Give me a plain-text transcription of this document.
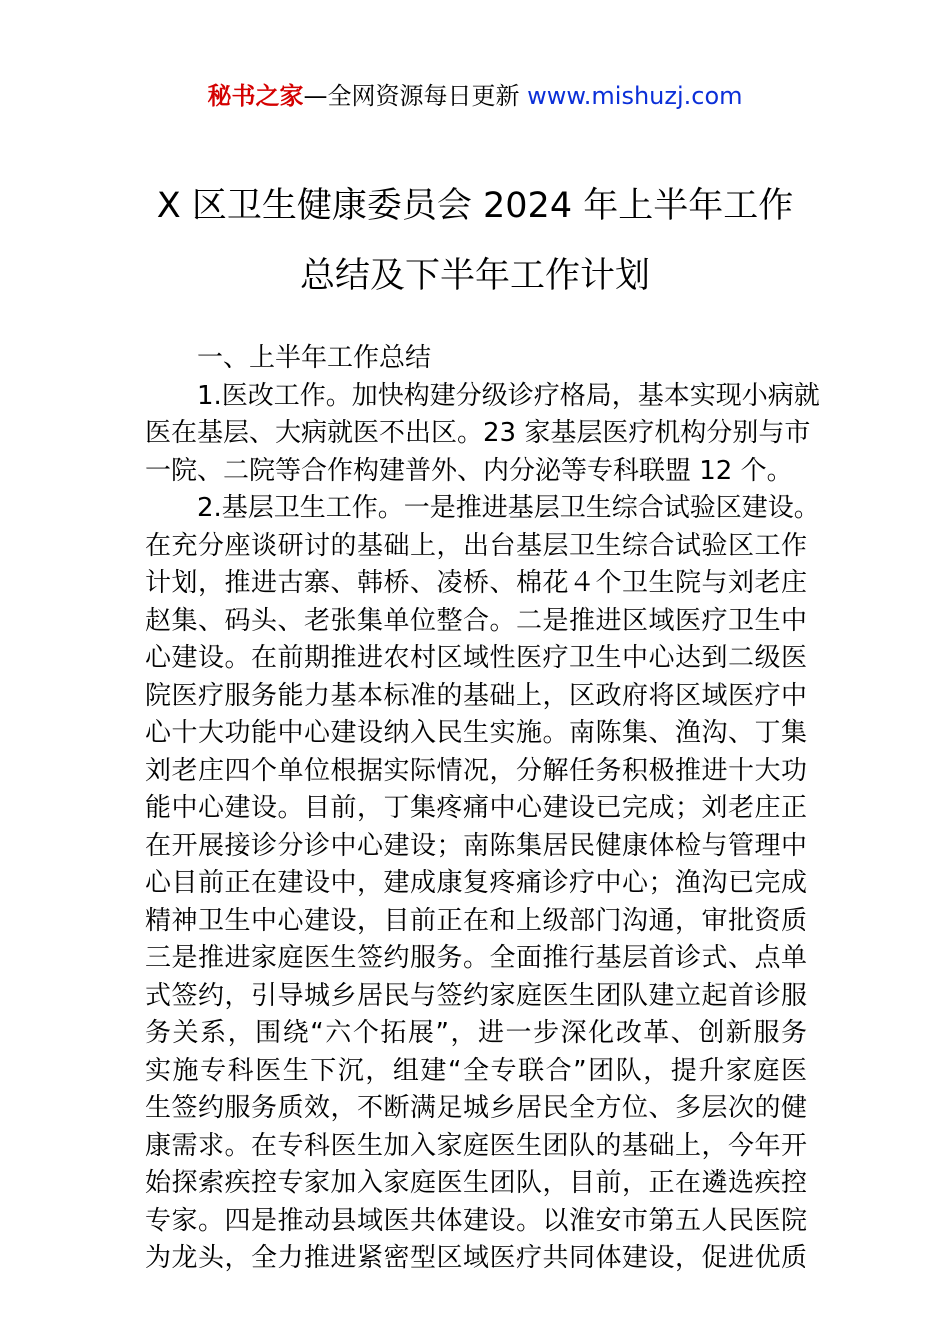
秘书之家—全网资源每日更新 www.mishuzj.com
X 区卫生健康委员会 2024 年上半年工作
总结及下半年工作计划
一、上半年工作总结
1.医改工作。加快构建分级诊疗格局，基本实现小病就
医在基层、大病就医不出区。23 家基层医疗机构分别与市
一院、二院等合作构建普外、内分泌等专科联盟 12 个。
2.基层卫生工作。一是推进基层卫生综合试验区建设。
在充分座谈研讨的基础上，出台基层卫生综合试验区工作
计划，推进古寨、韩桥、凌桥、棉花４个卫生院与刘老庄
赵集、码头、老张集单位整合。二是推进区域医疗卫生中
心建设。在前期推进农村区域性医疗卫生中心达到二级医
院医疗服务能力基本标准的基础上，区政府将区域医疗中
心十大功能中心建设纳入民生实施。南陈集、渔沟、丁集
刘老庄四个单位根据实际情况，分解任务积极推进十大功
能中心建设。目前，丁集疼痛中心建设已完成；刘老庄正
在开展接诊分诊中心建设；南陈集居民健康体检与管理中
心目前正在建设中，建成康复疼痛诊疗中心；渔沟已完成
精神卫生中心建设，目前正在和上级部门沟通，审批资质
三是推进家庭医生签约服务。全面推行基层首诊式、点单
式签约，引导城乡居民与签约家庭医生团队建立起首诊服
务关系，围绕“六个拓展”，进一步深化改革、创新服务
实施专科医生下沉，组建“全专联合”团队，提升家庭医
生签约服务质效，不断满足城乡居民全方位、多层次的健
康需求。在专科医生加入家庭医生团队的基础上，今年开
始探索疾控专家加入家庭医生团队，目前，正在遴选疾控
专家。四是推动县域医共体建设。以淮安市第五人民医院
为龙头，全力推进紧密型区域医疗共同体建设，促进优质
